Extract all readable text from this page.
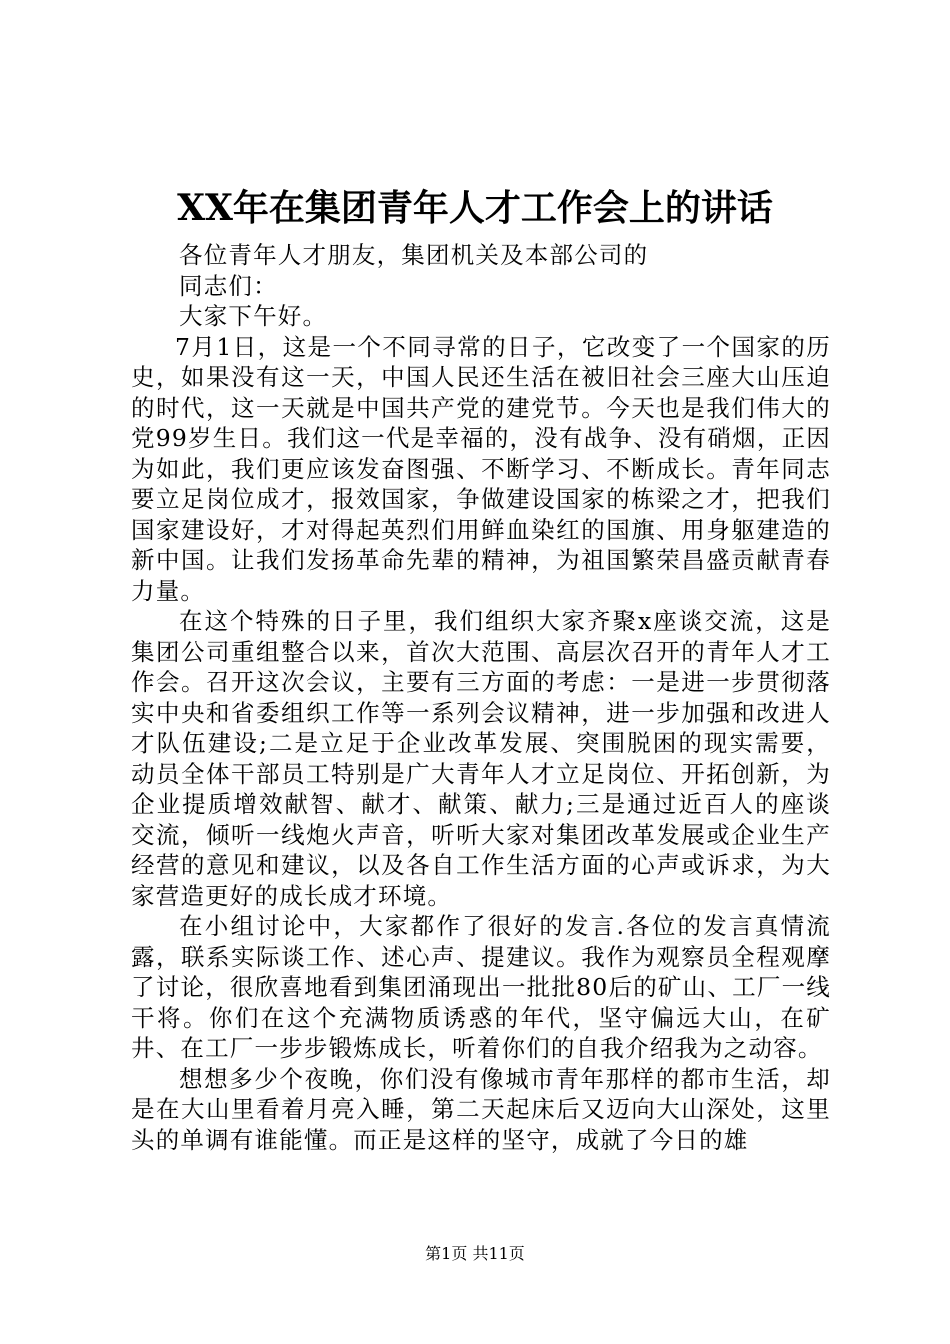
XX年在集团青年人才工作会上的讲话

各位青年人才朋友，集团机关及本部公司的

同志们：

大家下午好。

7月1日，这是一个不同寻常的日子，它改变了一个国家的历史，如果没有这一天，中国人民还生活在被旧社会三座大山压迫的时代，这一天就是中国共产党的建党节。今天也是我们伟大的党99岁生日。我们这一代是幸福的，没有战争、没有硝烟，正因为如此，我们更应该发奋图强、不断学习、不断成长。青年同志要立足岗位成才，报效国家，争做建设国家的栋梁之才，把我们国家建设好，才对得起英烈们用鲜血染红的国旗、用身躯建造的新中国。让我们发扬革命先辈的精神，为祖国繁荣昌盛贡献青春力量。

在这个特殊的日子里，我们组织大家齐聚x座谈交流，这是集团公司重组整合以来，首次大范围、高层次召开的青年人才工作会。召开这次会议，主要有三方面的考虑：一是进一步贯彻落实中央和省委组织工作等一系列会议精神，进一步加强和改进人才队伍建设;二是立足于企业改革发展、突围脱困的现实需要，动员全体干部员工特别是广大青年人才立足岗位、开拓创新，为企业提质增效献智、献才、献策、献力;三是通过近百人的座谈交流，倾听一线炮火声音，听听大家对集团改革发展或企业生产经营的意见和建议，以及各自工作生活方面的心声或诉求，为大家营造更好的成长成才环境。

在小组讨论中，大家都作了很好的发言.各位的发言真情流露，联系实际谈工作、述心声、提建议。我作为观察员全程观摩了讨论，很欣喜地看到集团涌现出一批批80后的矿山、工厂一线干将。你们在这个充满物质诱惑的年代，坚守偏远大山，在矿井、在工厂一步步锻炼成长，听着你们的自我介绍我为之动容。

想想多少个夜晚，你们没有像城市青年那样的都市生活，却是在大山里看着月亮入睡，第二天起床后又迈向大山深处，这里头的单调有谁能懂。而正是这样的坚守，成就了今日的雄

第1页 共11页
